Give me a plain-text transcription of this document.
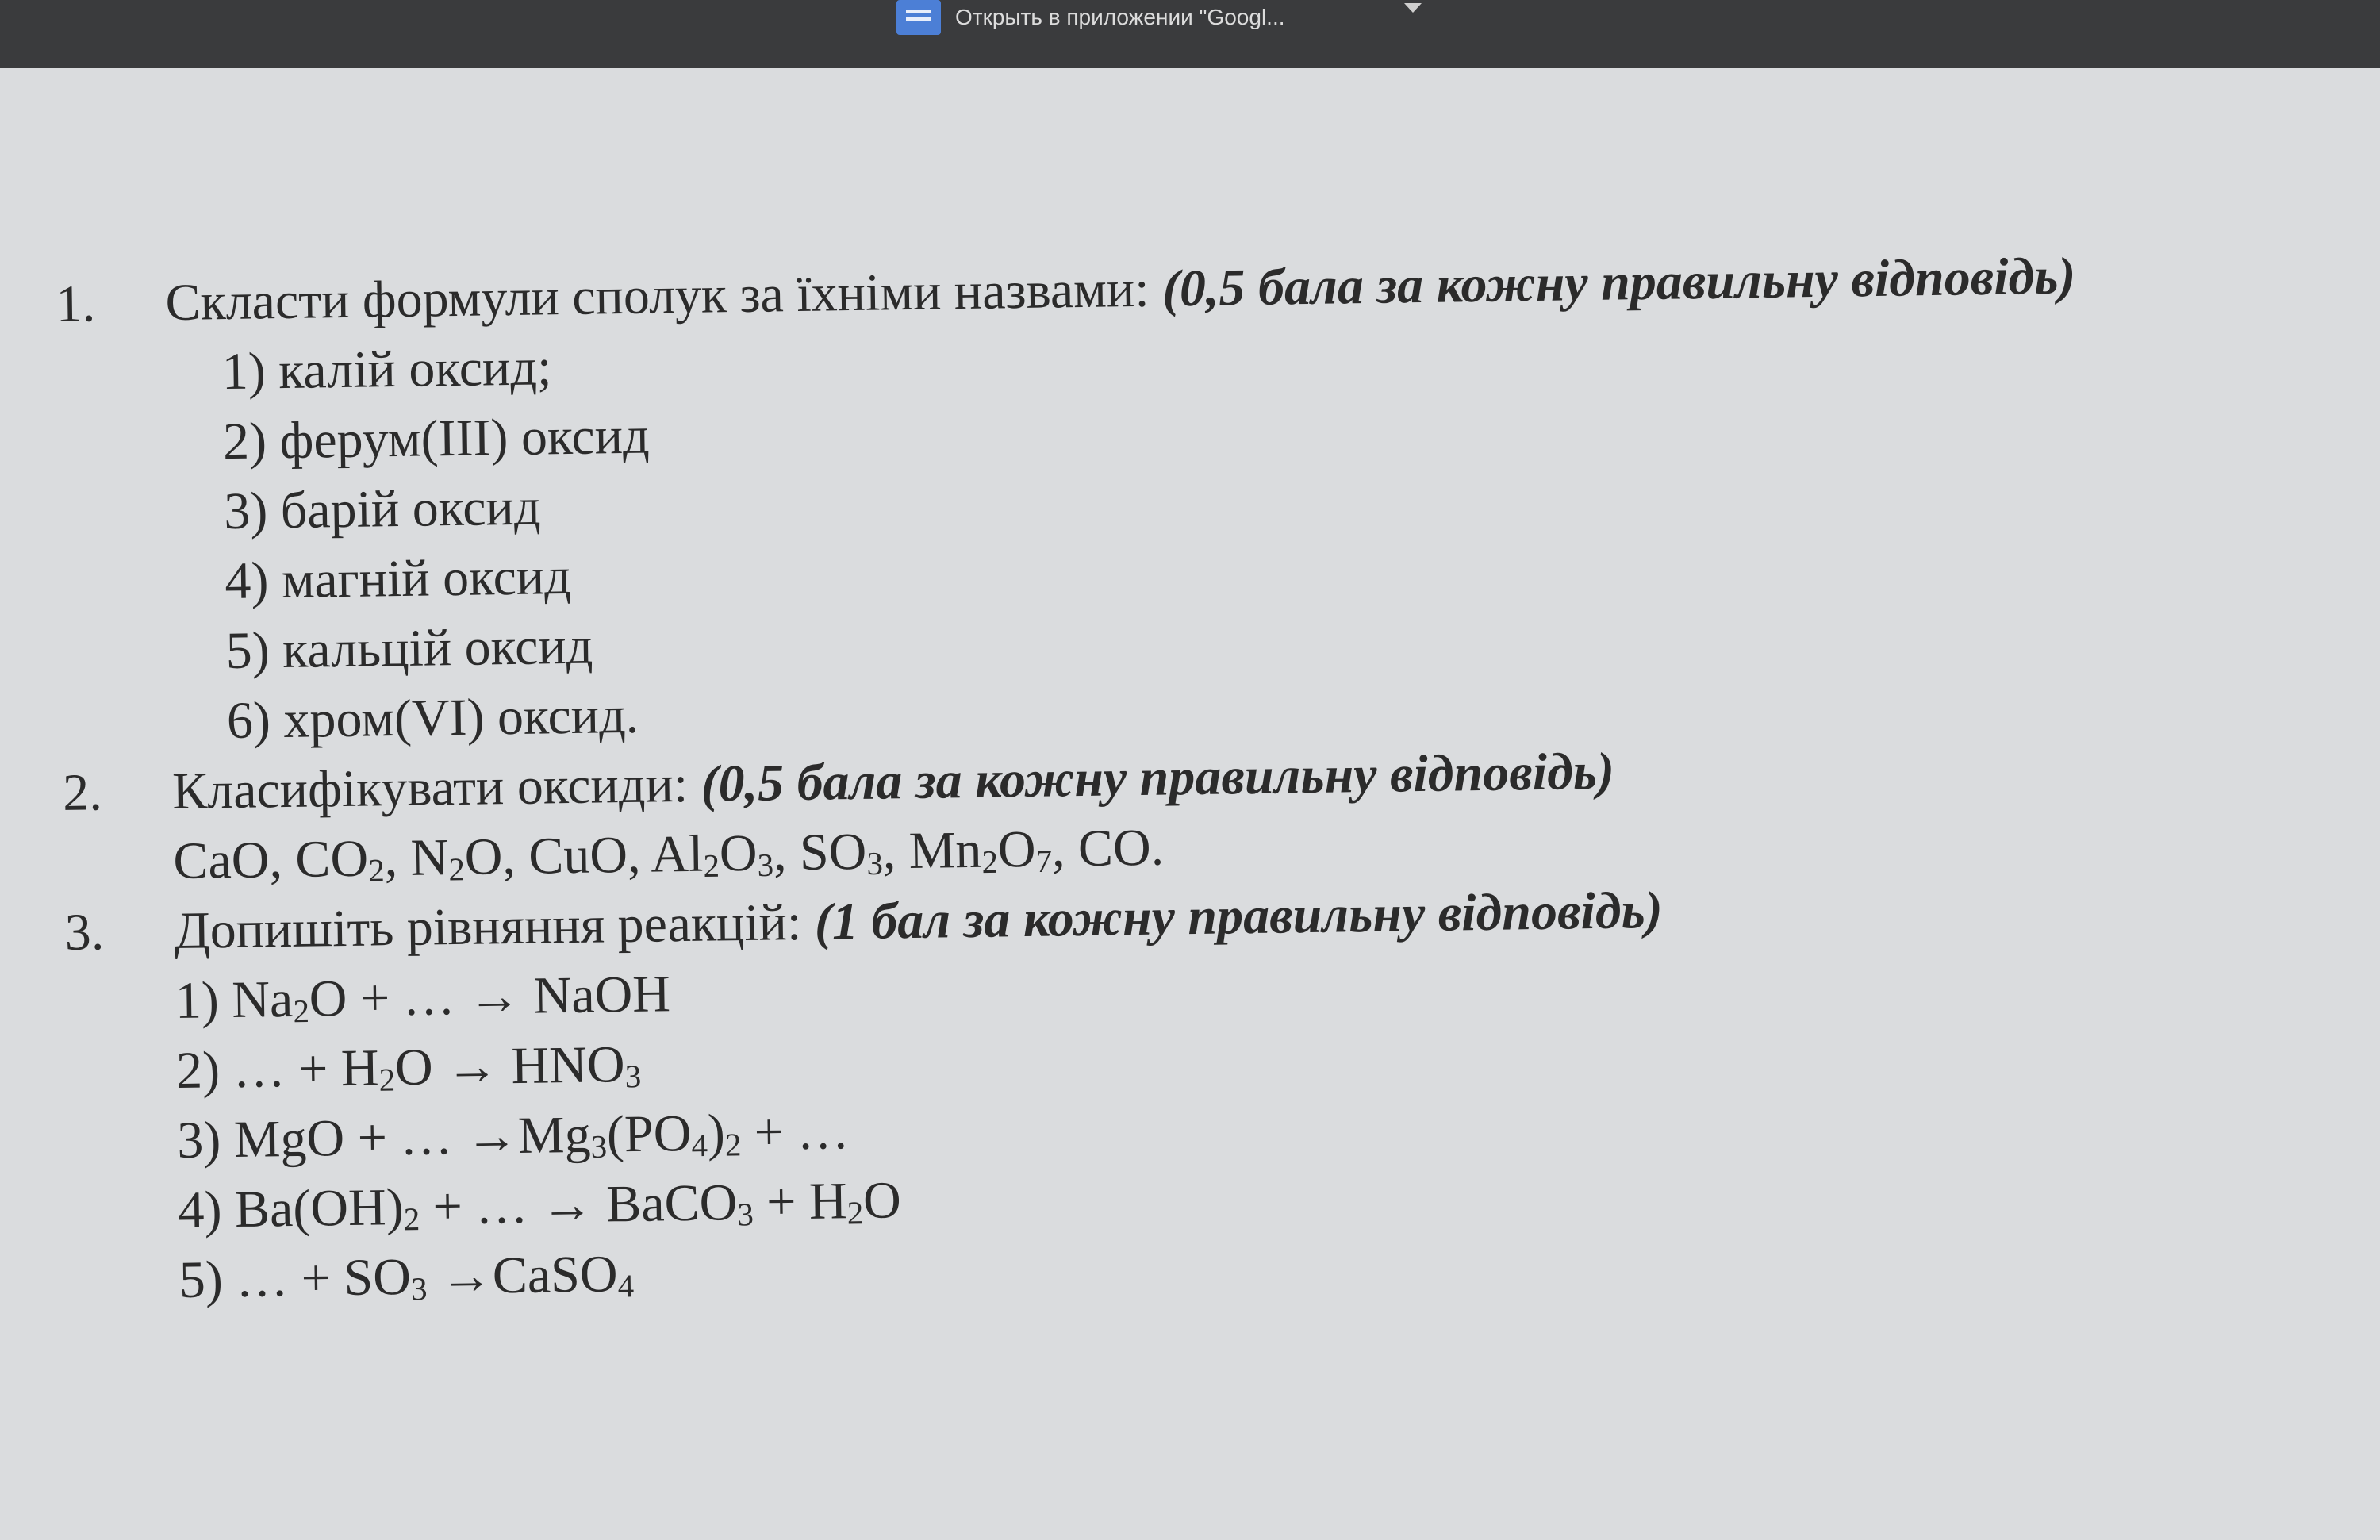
Открыть в приложении "Googl...
1.	Скласти формули сполук за їхніми назвами: (0,5 бала за кожну правильну відповідь)
1) калій оксид;
2) ферум(III) оксид
3) барій оксид
4) магній оксид
5) кальцій оксид
6) хром(VI) оксид.
2.	Класифікувати оксиди: (0,5 бала за кожну правильну відповідь)
CaO, $CO_2$, $N_2O$, CuO, $Al_2O_3$, $SO_3$, $Mn_2O_7$, CO.
3.	Допишіть рівняння реакцій: (1 бал за кожну правильну відповідь)
1) $Na_2O$ + … → NaOH
2) … + $H_2O \to HNO_3$
3) MgO + … $\to Mg_3(PO_4)_2$ + …
4) $Ba(OH)_2$ + … → BaCO$_3$ + $H_2O$
5) … + $SO_3$ →CaSO$_4$
